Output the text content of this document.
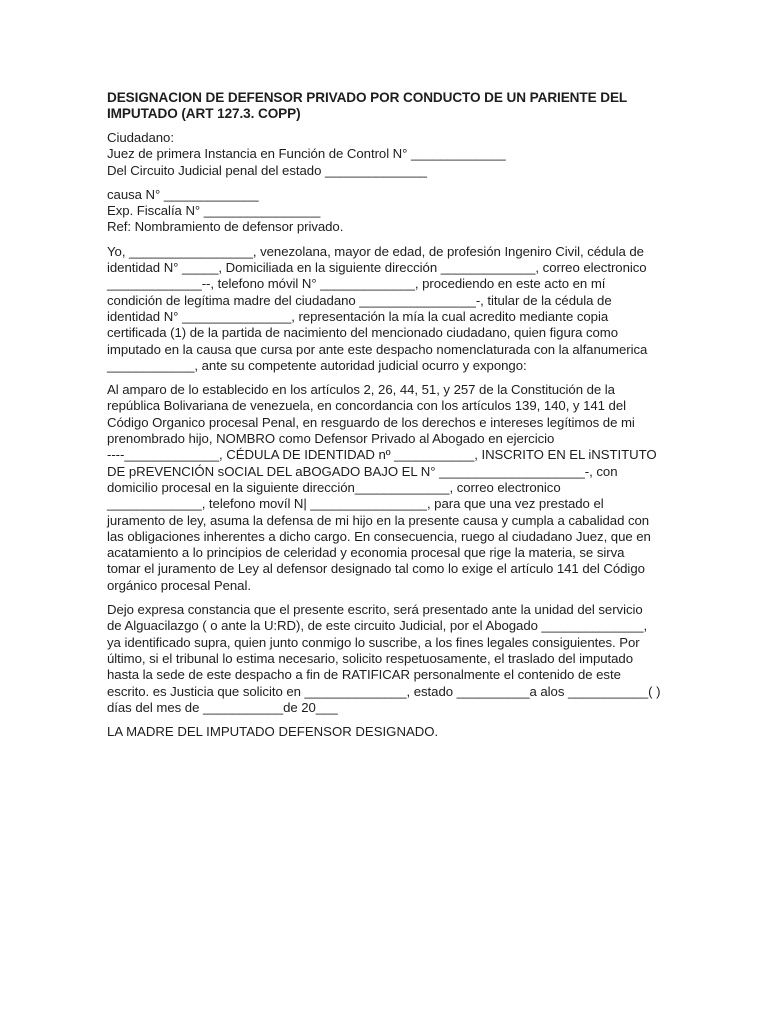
DESIGNACION DE DEFENSOR PRIVADO POR CONDUCTO DE UN PARIENTE DEL IMPUTADO (ART 127.3. COPP)
Ciudadano:
Juez de primera Instancia en Función de Control N° _____________
Del Circuito Judicial penal del estado ______________
causa N° _____________
Exp. Fiscalía N° ________________
Ref: Nombramiento de defensor privado.
Yo, _________________, venezolana, mayor de edad, de profesión Ingeniro Civil, cédula de
identidad N° _____, Domiciliada en la siguiente dirección _____________, correo electronico
_____________--, telefono móvil N° _____________, procediendo en este acto en mí
condición de legítima madre del ciudadano ________________-, titular de la cédula de
identidad N° _______________, representación la mía la cual acredito mediante copia
certificada (1) de la partida de nacimiento del mencionado ciudadano, quien figura como
imputado en la causa que cursa por ante este despacho nomenclaturada con la alfanumerica
____________, ante su competente autoridad judicial ocurro y expongo:
Al amparo de lo establecido en los artículos 2, 26, 44, 51, y 257 de la Constitución de la
república Bolivariana de venezuela, en concordancia con los artículos 139, 140, y 141 del
Código Organico procesal Penal, en resguardo de los derechos e intereses legítimos de mi
prenombrado hijo, NOMBRO como Defensor Privado al Abogado en ejercicio
----_____________, CÉDULA DE IDENTIDAD nº ___________, INSCRITO EN EL iNSTITUTO
DE pREVENCIÓN sOCIAL DEL aBOGADO BAJO EL N° ____________________-, con
domicilio procesal en la siguiente dirección_____________, correo electronico
_____________, telefono movíl N| ________________, para que una vez prestado el
juramento de ley, asuma la defensa de mi hijo en la presente causa y cumpla a cabalidad con
las obligaciones inherentes a dicho cargo. En consecuencia, ruego al ciudadano Juez, que en
acatamiento a lo principios de celeridad y economia procesal que rige la materia, se sirva
tomar el juramento de Ley al defensor designado tal como lo exige el artículo 141 del Código
orgánico procesal Penal.
Dejo expresa constancia que el presente escrito, será presentado ante la unidad del servicio
de Alguacilazgo ( o ante la U:RD), de este circuito Judicial, por el Abogado ______________,
ya identificado supra, quien junto conmigo lo suscribe, a los fines legales consiguientes. Por
último, si el tribunal lo estima necesario, solicito respetuosamente, el traslado del imputado
hasta la sede de este despacho a fin de RATIFICAR personalmente el contenido de este
escrito. es Justicia que solicito en ______________, estado __________a alos ___________( )
días del mes de ___________de 20___
LA MADRE DEL IMPUTADO DEFENSOR DESIGNADO.
